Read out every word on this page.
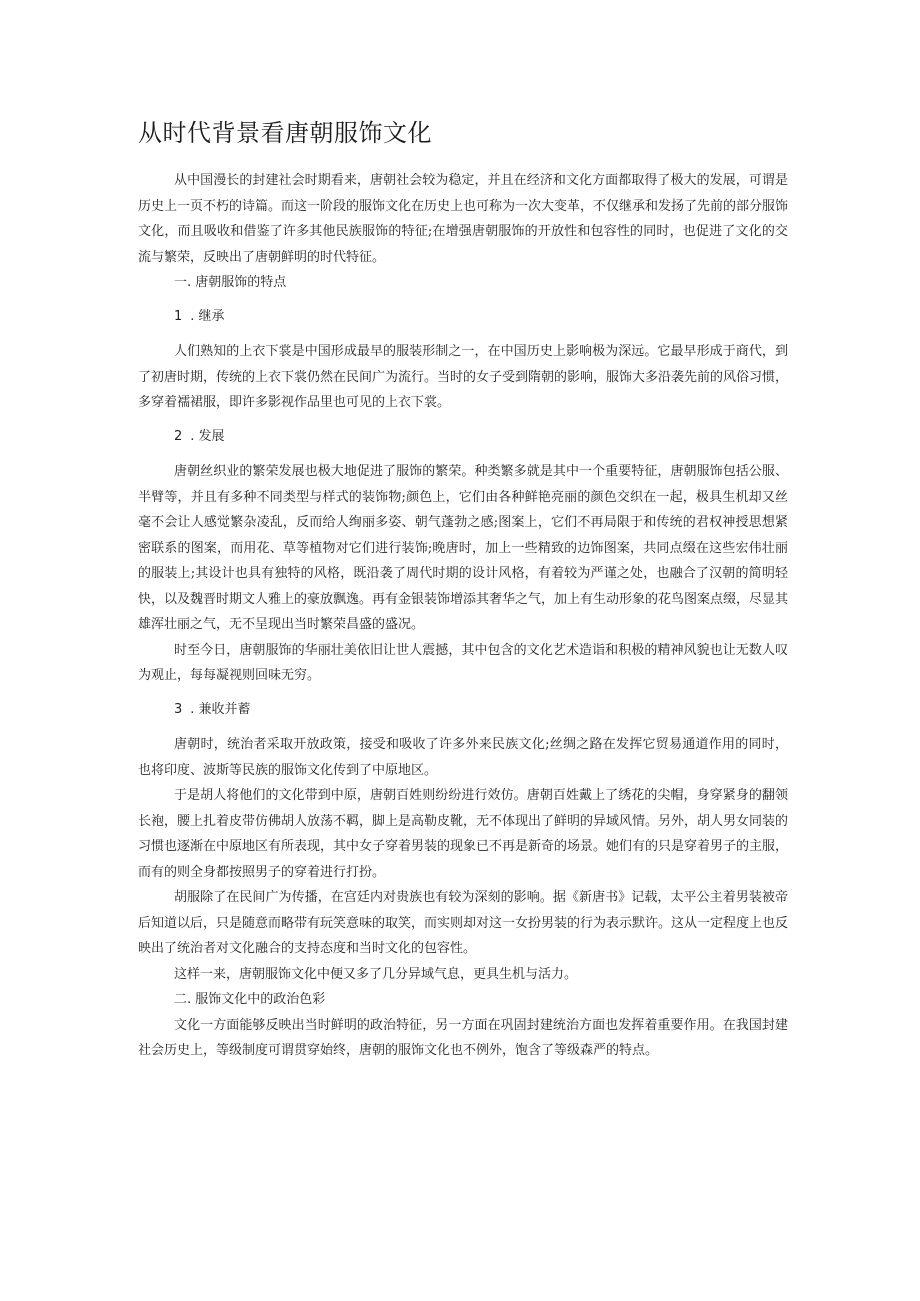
从时代背景看唐朝服饰文化

从中国漫长的封建社会时期看来，唐朝社会较为稳定，并且在经济和文化方面都取得了极大的发展，可谓是历史上一页不朽的诗篇。而这一阶段的服饰文化在历史上也可称为一次大变革，不仅继承和发扬了先前的部分服饰文化，而且吸收和借鉴了许多其他民族服饰的特征;在增强唐朝服饰的开放性和包容性的同时，也促进了文化的交流与繁荣，反映出了唐朝鲜明的时代特征。

一. 唐朝服饰的特点

1 . 继承

人们熟知的上衣下裳是中国形成最早的服装形制之一，在中国历史上影响极为深远。它最早形成于商代，到了初唐时期，传统的上衣下裳仍然在民间广为流行。当时的女子受到隋朝的影响，服饰大多沿袭先前的风俗习惯，多穿着襦裙服，即许多影视作品里也可见的上衣下裳。

2 . 发展

唐朝丝织业的繁荣发展也极大地促进了服饰的繁荣。种类繁多就是其中一个重要特征，唐朝服饰包括公服、半臂等，并且有多种不同类型与样式的装饰物;颜色上，它们由各种鲜艳亮丽的颜色交织在一起，极具生机却又丝毫不会让人感觉繁杂凌乱，反而给人绚丽多姿、朝气蓬勃之感;图案上，它们不再局限于和传统的君权神授思想紧密联系的图案，而用花、草等植物对它们进行装饰;晚唐时，加上一些精致的边饰图案，共同点缀在这些宏伟壮丽的服装上;其设计也具有独特的风格，既沿袭了周代时期的设计风格，有着较为严谨之处，也融合了汉朝的简明轻快，以及魏晋时期文人雅上的豪放飘逸。再有金银装饰增添其奢华之气，加上有生动形象的花鸟图案点缀，尽显其雄浑壮丽之气，无不呈现出当时繁荣昌盛的盛况。

时至今日，唐朝服饰的华丽壮美依旧让世人震撼，其中包含的文化艺术造诣和积极的精神风貌也让无数人叹为观止，每每凝视则回味无穷。

3 . 兼收并蓄

唐朝时，统治者采取开放政策，接受和吸收了许多外来民族文化;丝绸之路在发挥它贸易通道作用的同时，也将印度、波斯等民族的服饰文化传到了中原地区。

于是胡人将他们的文化带到中原，唐朝百姓则纷纷进行效仿。唐朝百姓戴上了绣花的尖帽，身穿紧身的翻领长袍，腰上扎着皮带仿佛胡人放荡不羁，脚上是高勒皮靴，无不体现出了鲜明的异域风情。另外，胡人男女同装的习惯也逐渐在中原地区有所表现，其中女子穿着男装的现象已不再是新奇的场景。她们有的只是穿着男子的主服，而有的则全身都按照男子的穿着进行打扮。

胡服除了在民间广为传播，在宫廷内对贵族也有较为深刻的影响。据《新唐书》记载，太平公主着男装被帝后知道以后，只是随意而略带有玩笑意味的取笑，而实则却对这一女扮男装的行为表示默许。这从一定程度上也反映出了统治者对文化融合的支持态度和当时文化的包容性。

这样一来，唐朝服饰文化中便又多了几分异域气息，更具生机与活力。

二. 服饰文化中的政治色彩

文化一方面能够反映出当时鲜明的政治特征，另一方面在巩固封建统治方面也发挥着重要作用。在我国封建社会历史上，等级制度可谓贯穿始终，唐朝的服饰文化也不例外，饱含了等级森严的特点。
